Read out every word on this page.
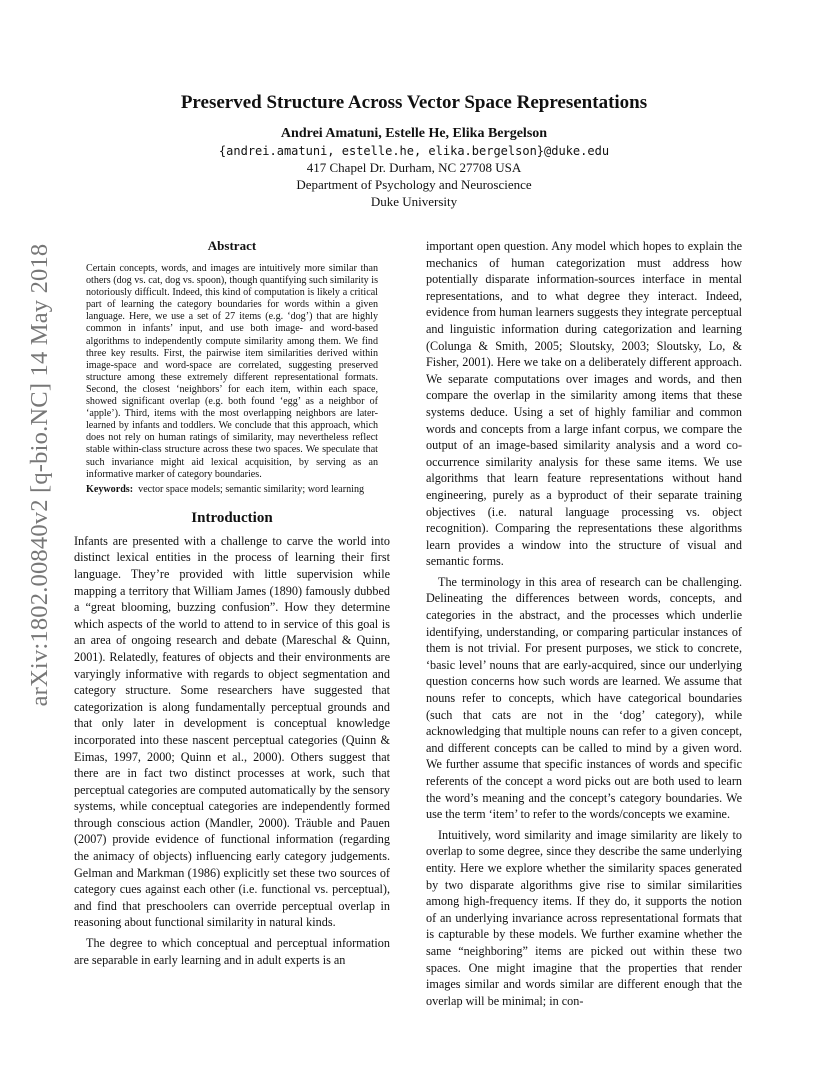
arXiv:1802.00840v2 [q-bio.NC] 14 May 2018
Preserved Structure Across Vector Space Representations
Andrei Amatuni, Estelle He, Elika Bergelson
{andrei.amatuni, estelle.he, elika.bergelson}@duke.edu
417 Chapel Dr. Durham, NC 27708 USA
Department of Psychology and Neuroscience
Duke University
Abstract

Certain concepts, words, and images are intuitively more similar than others (dog vs. cat, dog vs. spoon), though quantifying such similarity is notoriously difficult. Indeed, this kind of computation is likely a critical part of learning the category boundaries for words within a given language. Here, we use a set of 27 items (e.g. ‘dog’) that are highly common in infants’ input, and use both image- and word-based algorithms to independently compute similarity among them. We find three key results. First, the pairwise item similarities derived within image-space and word-space are correlated, suggesting preserved structure among these extremely different representational formats. Second, the closest ‘neighbors’ for each item, within each space, showed significant overlap (e.g. both found ‘egg’ as a neighbor of ‘apple’). Third, items with the most overlapping neighbors are later-learned by infants and toddlers. We conclude that this approach, which does not rely on human ratings of similarity, may nevertheless reflect stable within-class structure across these two spaces. We speculate that such invariance might aid lexical acquisition, by serving as an informative marker of category boundaries.

Keywords: vector space models; semantic similarity; word learning

Introduction

Infants are presented with a challenge to carve the world into distinct lexical entities in the process of learning their first language. They’re provided with little supervision while mapping a territory that William James (1890) famously dubbed a “great blooming, buzzing confusion”. How they determine which aspects of the world to attend to in service of this goal is an area of ongoing research and debate (Mareschal & Quinn, 2001). Relatedly, features of objects and their environments are varyingly informative with regards to object segmentation and category structure. Some researchers have suggested that categorization is along fundamentally perceptual grounds and that only later in development is conceptual knowledge incorporated into these nascent perceptual categories (Quinn & Eimas, 1997, 2000; Quinn et al., 2000). Others suggest that there are in fact two distinct processes at work, such that perceptual categories are computed automatically by the sensory systems, while conceptual categories are independently formed through conscious action (Mandler, 2000). Träuble and Pauen (2007) provide evidence of functional information (regarding the animacy of objects) influencing early category judgements. Gelman and Markman (1986) explicitly set these two sources of category cues against each other (i.e. functional vs. perceptual), and find that preschoolers can override perceptual overlap in reasoning about functional similarity in natural kinds.

The degree to which conceptual and perceptual information are separable in early learning and in adult experts is an

important open question. Any model which hopes to explain the mechanics of human categorization must address how potentially disparate information-sources interface in mental representations, and to what degree they interact. Indeed, evidence from human learners suggests they integrate perceptual and linguistic information during categorization and learning (Colunga & Smith, 2005; Sloutsky, 2003; Sloutsky, Lo, & Fisher, 2001). Here we take on a deliberately different approach. We separate computations over images and words, and then compare the overlap in the similarity among items that these systems deduce. Using a set of highly familiar and common words and concepts from a large infant corpus, we compare the output of an image-based similarity analysis and a word co-occurrence similarity analysis for these same items. We use algorithms that learn feature representations without hand engineering, purely as a byproduct of their separate training objectives (i.e. natural language processing vs. object recognition). Comparing the representations these algorithms learn provides a window into the structure of visual and semantic forms.

The terminology in this area of research can be challenging. Delineating the differences between words, concepts, and categories in the abstract, and the processes which underlie identifying, understanding, or comparing particular instances of them is not trivial. For present purposes, we stick to concrete, ‘basic level’ nouns that are early-acquired, since our underlying question concerns how such words are learned. We assume that nouns refer to concepts, which have categorical boundaries (such that cats are not in the ‘dog’ category), while acknowledging that multiple nouns can refer to a given concept, and different concepts can be called to mind by a given word. We further assume that specific instances of words and specific referents of the concept a word picks out are both used to learn the word’s meaning and the concept’s category boundaries. We use the term ‘item’ to refer to the words/concepts we examine.

Intuitively, word similarity and image similarity are likely to overlap to some degree, since they describe the same underlying entity. Here we explore whether the similarity spaces generated by two disparate algorithms give rise to similar similarities among high-frequency items. If they do, it supports the notion of an underlying invariance across representational formats that is capturable by these models. We further examine whether the same “neighboring” items are picked out within these two spaces. One might imagine that the properties that render images similar and words similar are different enough that the overlap will be minimal; in con-
